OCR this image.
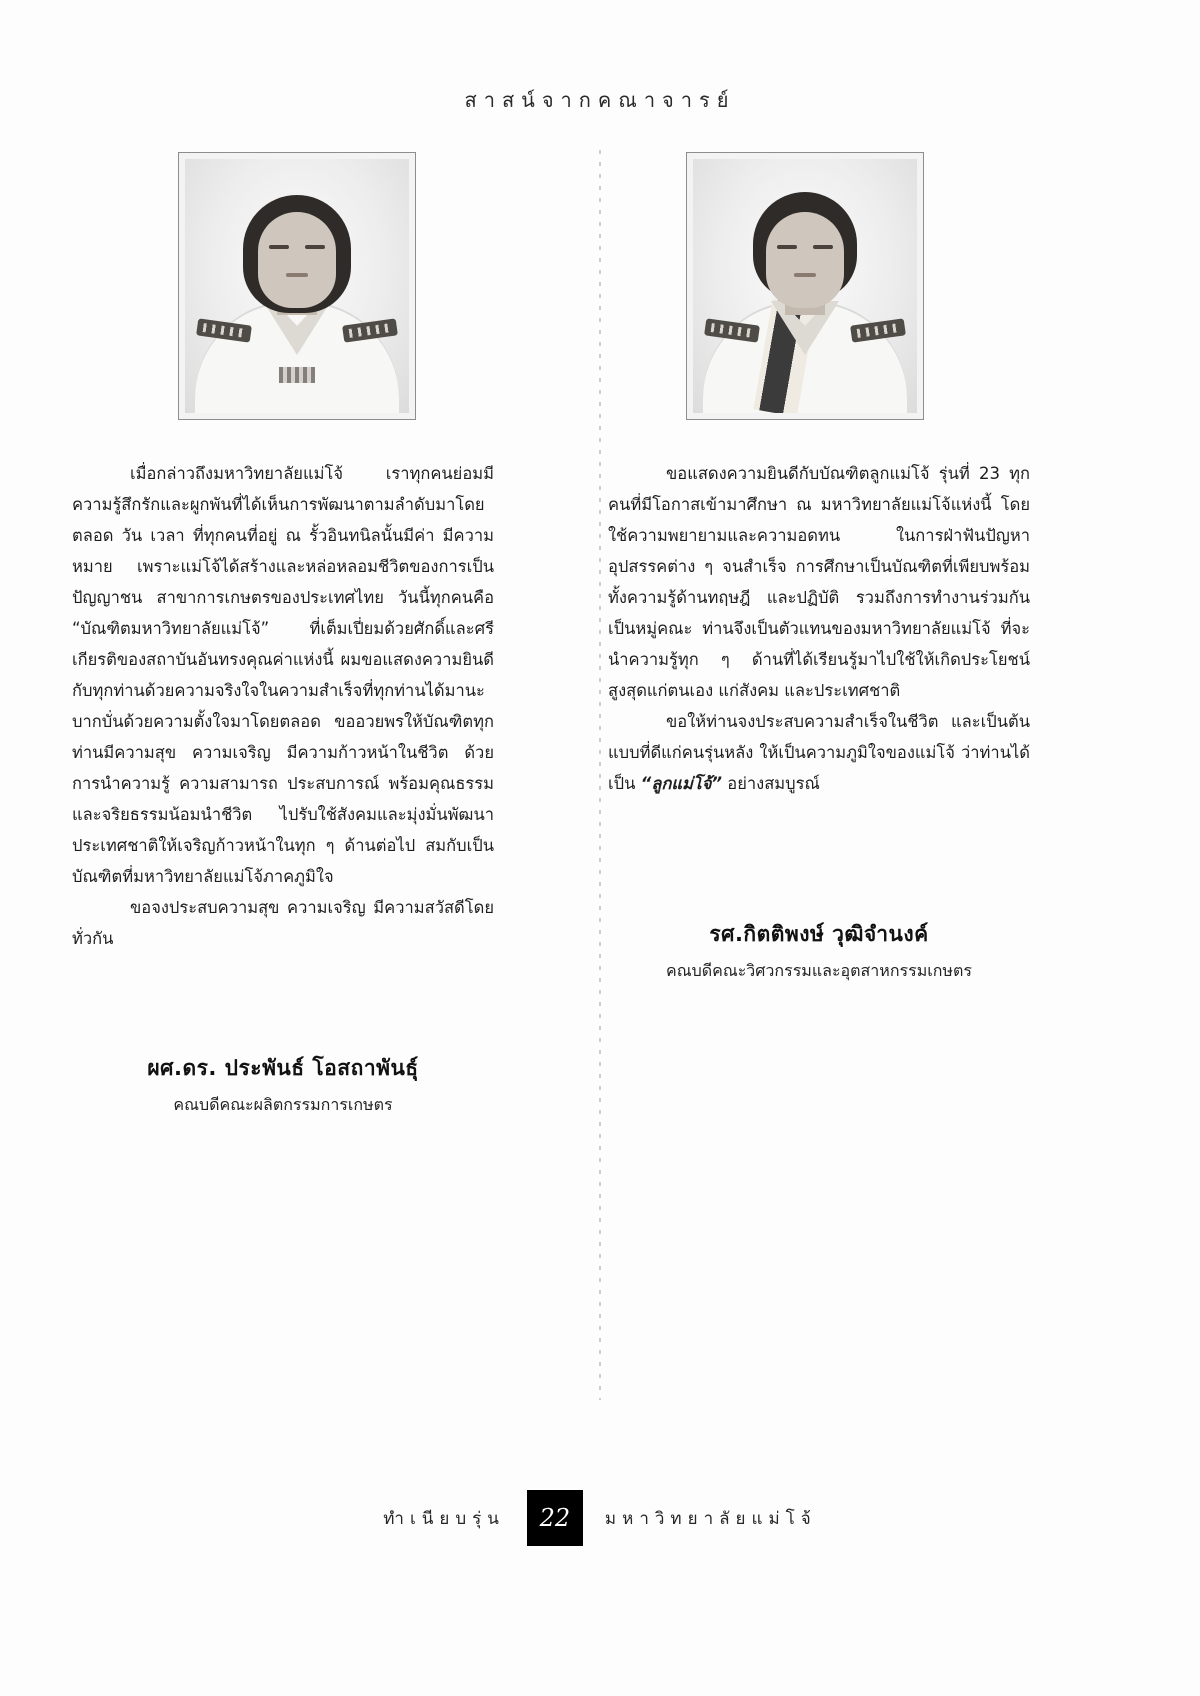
สาสน์จากคณาจารย์

เมื่อกล่าวถึงมหาวิทยาลัยแม่โจ้ เราทุกคนย่อมมีความรู้สึกรักและผูกพันที่ได้เห็นการพัฒนาตามลำดับมาโดยตลอด วัน เวลา ที่ทุกคนที่อยู่ ณ รั้วอินทนิลนั้นมีค่า มีความหมาย เพราะแม่โจ้ได้สร้างและหล่อหลอมชีวิตของการเป็นปัญญาชน สาขาการเกษตรของประเทศไทย วันนี้ทุกคนคือ “บัณฑิตมหาวิทยาลัยแม่โจ้” ที่เต็มเปี่ยมด้วยศักดิ์และศรีเกียรติของสถาบันอันทรงคุณค่าแห่งนี้ ผมขอแสดงความยินดีกับทุกท่านด้วยความจริงใจในความสำเร็จที่ทุกท่านได้มานะ บากบั่นด้วยความตั้งใจมาโดยตลอด ขออวยพรให้บัณฑิตทุกท่านมีความสุข ความเจริญ มีความก้าวหน้าในชีวิต ด้วยการนำความรู้ ความสามารถ ประสบการณ์ พร้อมคุณธรรมและจริยธรรมน้อมนำชีวิต ไปรับใช้สังคมและมุ่งมั่นพัฒนาประเทศชาติให้เจริญก้าวหน้าในทุก ๆ ด้านต่อไป สมกับเป็นบัณฑิตที่มหาวิทยาลัยแม่โจ้ภาคภูมิใจ

ขอจงประสบความสุข ความเจริญ มีความสวัสดีโดยทั่วกัน

ขอแสดงความยินดีกับบัณฑิตลูกแม่โจ้ รุ่นที่ 23 ทุกคนที่มีโอกาสเข้ามาศึกษา ณ มหาวิทยาลัยแม่โจ้แห่งนี้ โดยใช้ความพยายามและความอดทน ในการฝ่าฟันปัญหา อุปสรรคต่าง ๆ จนสำเร็จ การศึกษาเป็นบัณฑิตที่เพียบพร้อมทั้งความรู้ด้านทฤษฎี และปฏิบัติ รวมถึงการทำงานร่วมกันเป็นหมู่คณะ ท่านจึงเป็นตัวแทนของมหาวิทยาลัยแม่โจ้ ที่จะนำความรู้ทุก ๆ ด้านที่ได้เรียนรู้มาไปใช้ให้เกิดประโยชน์สูงสุดแก่ตนเอง แก่สังคม และประเทศชาติ

ขอให้ท่านจงประสบความสำเร็จในชีวิต และเป็นต้นแบบที่ดีแก่คนรุ่นหลัง ให้เป็นความภูมิใจของแม่โจ้ ว่าท่านได้เป็น “ลูกแม่โจ้” อย่างสมบูรณ์

รศ.กิตติพงษ์ วุฒิจำนงค์
คณบดีคณะวิศวกรรมและอุตสาหกรรมเกษตร
ผศ.ดร. ประพันธ์ โอสถาพันธุ์
คณบดีคณะผลิตกรรมการเกษตร
ทำเนียบรุ่น	22	มหาวิทยาลัยแม่โจ้
